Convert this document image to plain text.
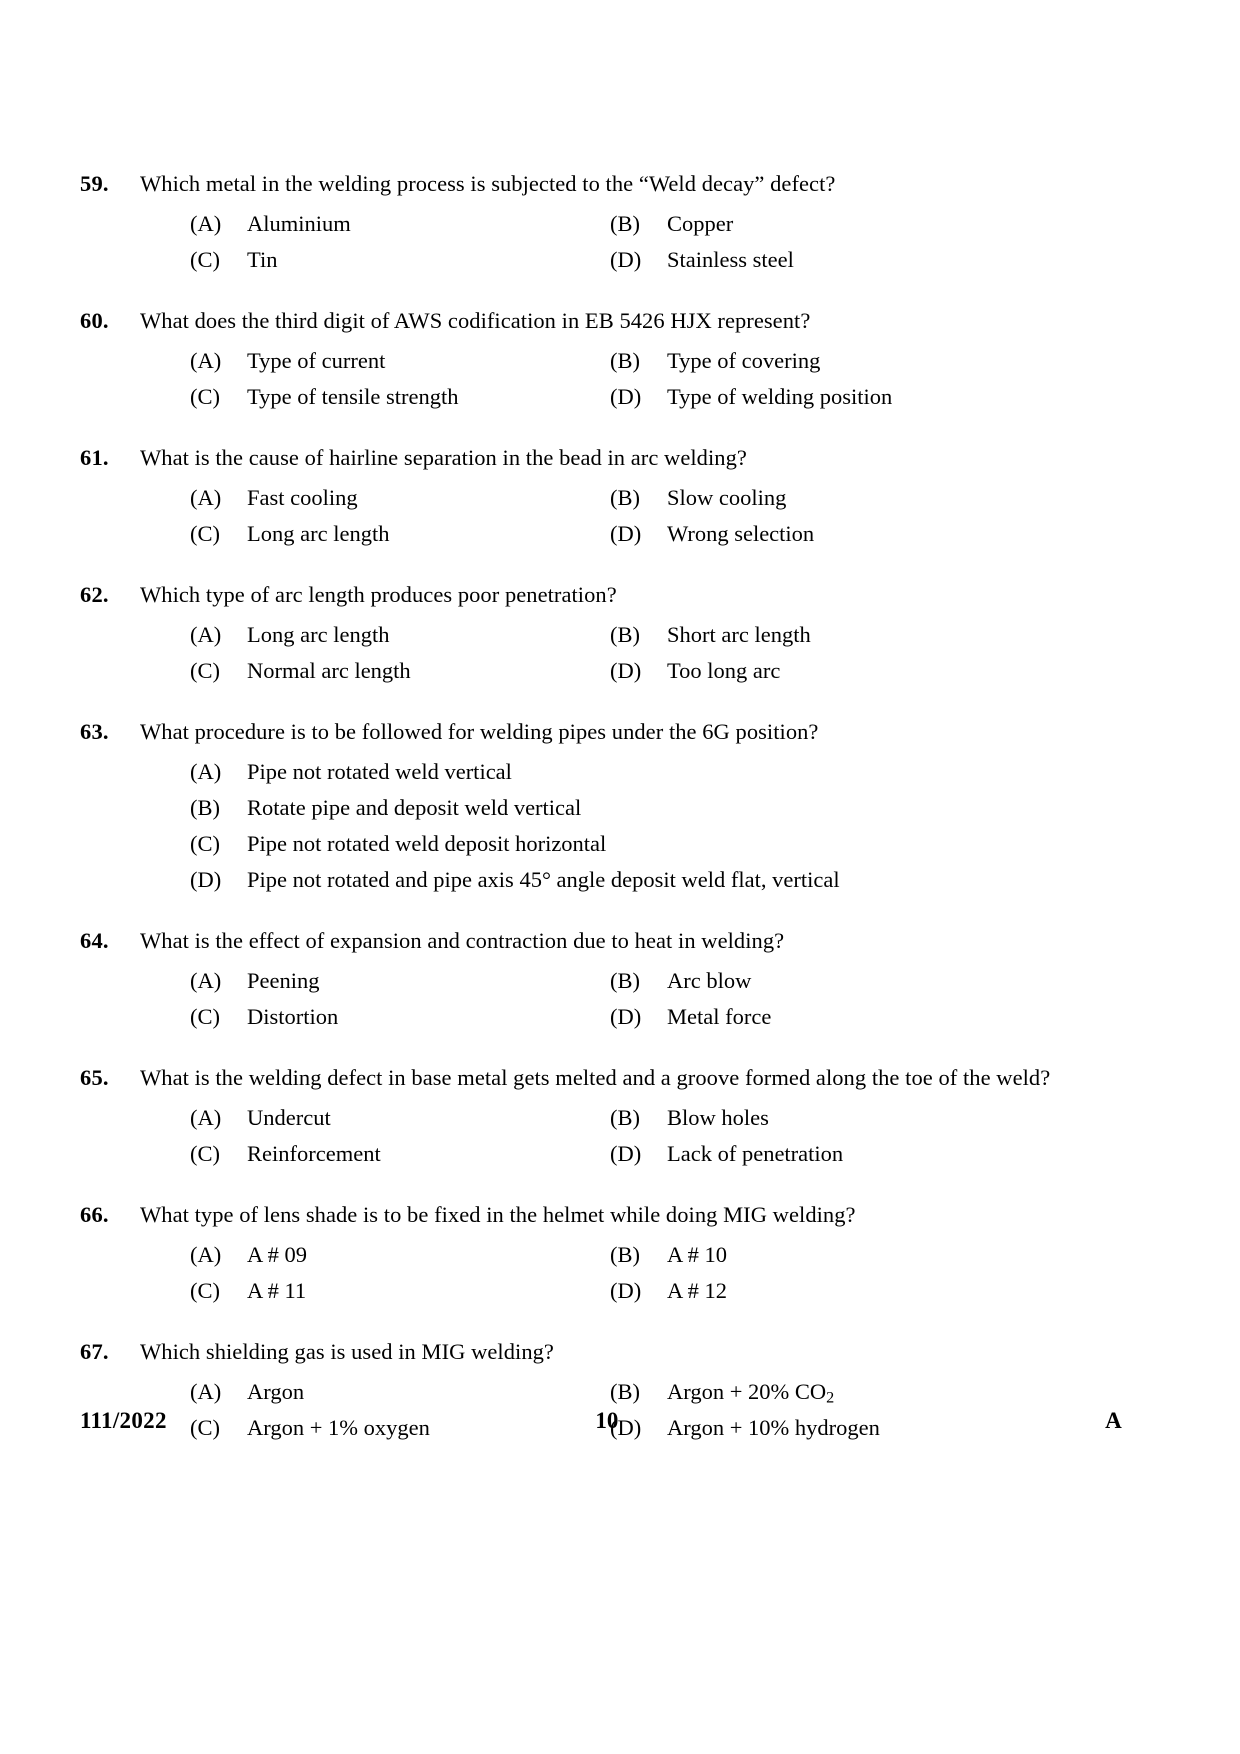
59.	Which metal in the welding process is subjected to the “Weld decay” defect?
(A)	Aluminium	(B)	Copper
(C)	Tin	(D)	Stainless steel
60.	What does the third digit of AWS codification in EB 5426 HJX represent?
(A)	Type of current	(B)	Type of covering
(C)	Type of tensile strength	(D)	Type of welding position
61.	What is the cause of hairline separation in the bead in arc welding?
(A)	Fast cooling	(B)	Slow cooling
(C)	Long arc length	(D)	Wrong selection
62.	Which type of arc length produces poor penetration?
(A)	Long arc length	(B)	Short arc length
(C)	Normal arc length	(D)	Too long arc
63.	What procedure is to be followed for welding pipes under the 6G position?
(A)	Pipe not rotated weld vertical
(B)	Rotate pipe and deposit weld vertical
(C)	Pipe not rotated weld deposit horizontal
(D)	Pipe not rotated and pipe axis 45° angle deposit weld flat, vertical
64.	What is the effect of expansion and contraction due to heat in welding?
(A)	Peening	(B)	Arc blow
(C)	Distortion	(D)	Metal force
65.	What is the welding defect in base metal gets melted and a groove formed along the toe of the weld?
(A)	Undercut	(B)	Blow holes
(C)	Reinforcement	(D)	Lack of penetration
66.	What type of lens shade is to be fixed in the helmet while doing MIG welding?
(A)	A # 09	(B)	A # 10
(C)	A # 11	(D)	A # 12
67.	Which shielding gas is used in MIG welding?
(A)	Argon	(B)	Argon + 20% $CO_2$
(C)	Argon + 1% oxygen	(D)	Argon + 10% hydrogen
111/2022	10	A
